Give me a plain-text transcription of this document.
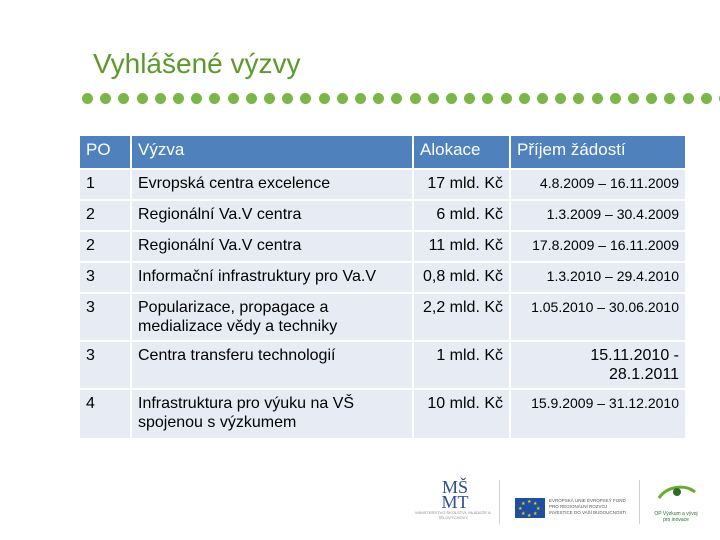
Vyhlášené výzvy
PO	Výzva	Alokace	Příjem žádostí
1	Evropská centra excelence	17 mld. Kč	4.8.2009 – 16.11.2009
2	Regionální Va.V centra	6 mld. Kč	1.3.2009 – 30.4.2009
2	Regionální Va.V centra	11 mld. Kč	17.8.2009 – 16.11.2009
3	Informační infrastruktury pro Va.V	0,8 mld. Kč	1.3.2010 – 29.4.2010
3	Popularizace, propagace a medializace vědy a techniky	2,2 mld. Kč	1.05.2010 – 30.06.2010
3	Centra transferu technologií	1 mld. Kč	15.11.2010 - 28.1.2011
4	Infrastruktura pro výuku na VŠ spojenou s výzkumem	10 mld. Kč	15.9.2009 – 31.12.2010
MŠ MT
MINISTERSTVO ŠKOLSTVÍ, MLÁDEŽE A TĚLOVÝCHOVY
★ ★
★
★
★
★
★
★
EVROPSKÁ UNIE EVROPSKÝ FOND PRO REGIONÁLNÍ ROZVOJ INVESTICE DO VAŠÍ BUDOUCNOSTI	OP Výzkum a vývoj pro inovace
